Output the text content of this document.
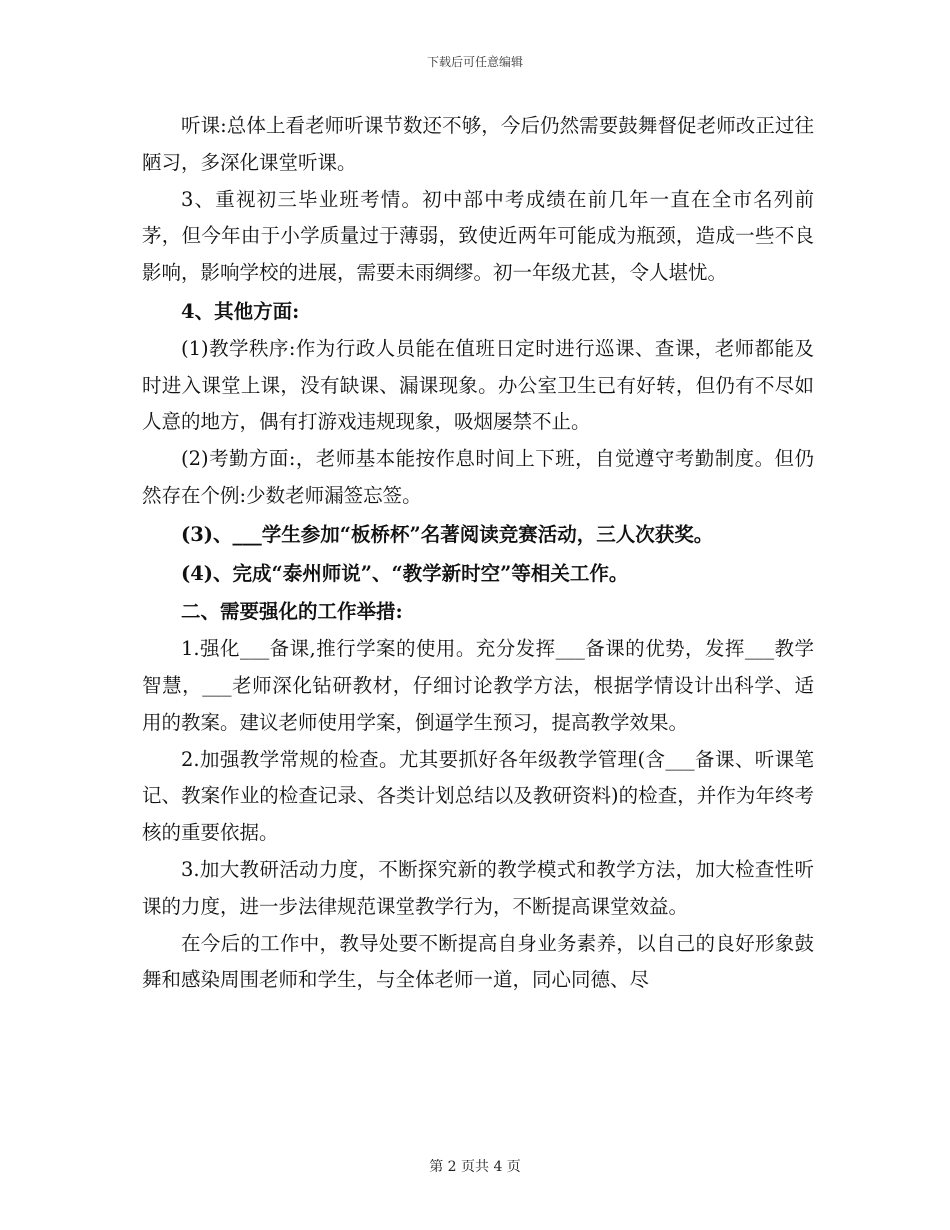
下载后可任意编辑

听课:总体上看老师听课节数还不够，今后仍然需要鼓舞督促老师改正过往陋习，多深化课堂听课。

3、重视初三毕业班考情。初中部中考成绩在前几年一直在全市名列前茅，但今年由于小学质量过于薄弱，致使近两年可能成为瓶颈，造成一些不良影响，影响学校的进展，需要未雨绸缪。初一年级尤甚，令人堪忧。

4、其他方面:

(1)教学秩序:作为行政人员能在值班日定时进行巡课、查课，老师都能及时进入课堂上课，没有缺课、漏课现象。办公室卫生已有好转，但仍有不尽如人意的地方，偶有打游戏违规现象，吸烟屡禁不止。

(2)考勤方面:，老师基本能按作息时间上下班，自觉遵守考勤制度。但仍然存在个例:少数老师漏签忘签。

(3)、___学生参加“板桥杯”名著阅读竞赛活动，三人次获奖。

(4)、完成“泰州师说”、“教学新时空”等相关工作。

二、需要强化的工作举措:

1.强化___备课,推行学案的使用。充分发挥___备课的优势，发挥___教学智慧，___老师深化钻研教材，仔细讨论教学方法，根据学情设计出科学、适用的教案。建议老师使用学案，倒逼学生预习，提高教学效果。

2.加强教学常规的检查。尤其要抓好各年级教学管理(含___备课、听课笔记、教案作业的检查记录、各类计划总结以及教研资料)的检查，并作为年终考核的重要依据。

3.加大教研活动力度，不断探究新的教学模式和教学方法，加大检查性听课的力度，进一步法律规范课堂教学行为，不断提高课堂效益。

在今后的工作中，教导处要不断提高自身业务素养，以自己的良好形象鼓舞和感染周围老师和学生，与全体老师一道，同心同德、尽

第 2 页共 4 页
